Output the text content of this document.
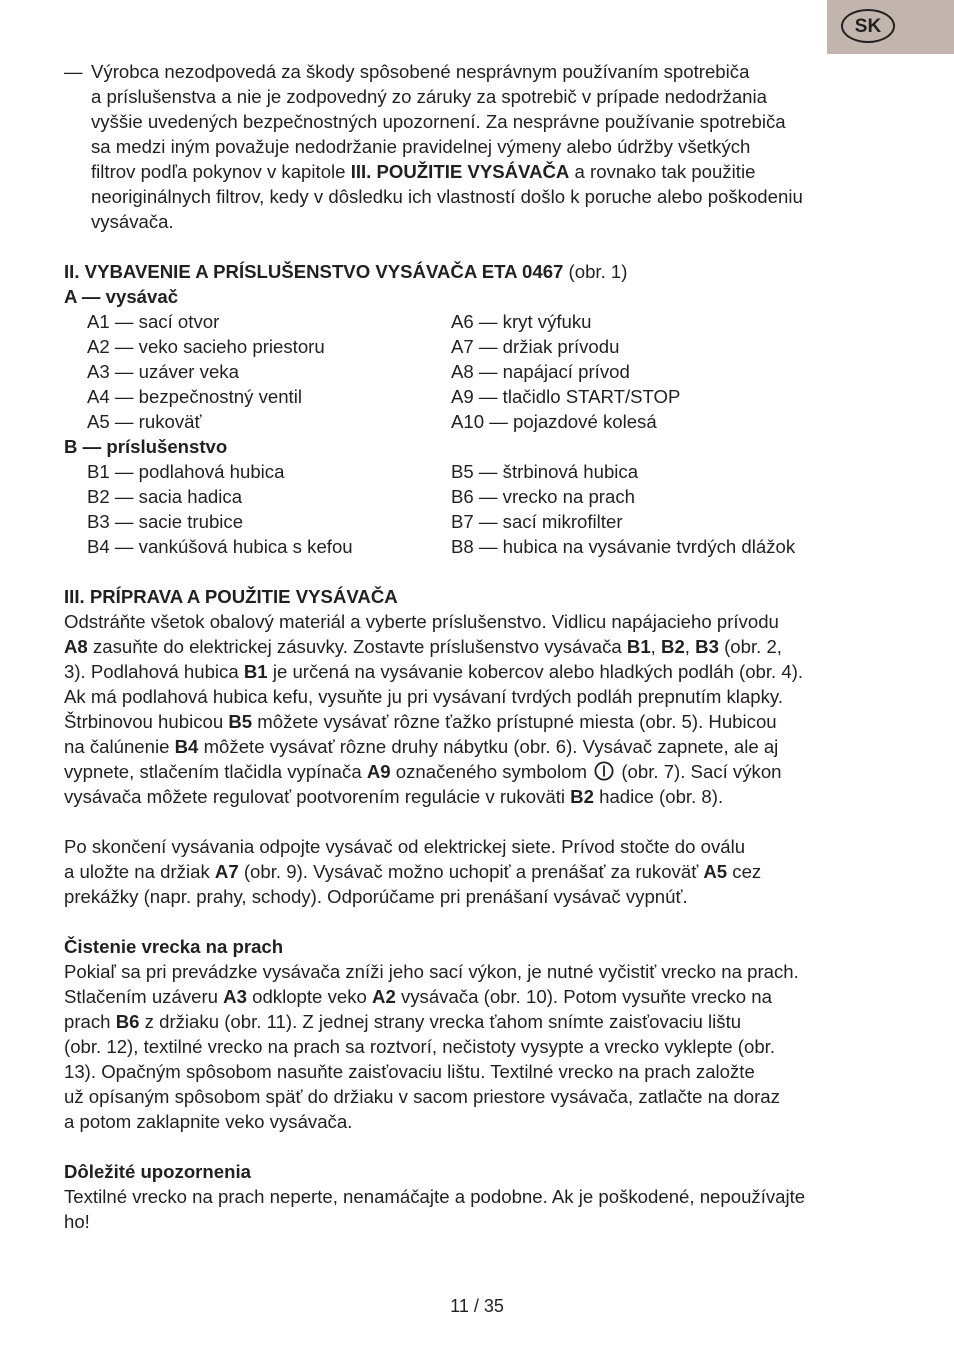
SK
— Výrobca nezodpovedá za škody spôsobené nesprávnym používaním spotrebiča
a príslušenstva a nie je zodpovedný zo záruky za spotrebič v prípade nedodržania
vyššie uvedených bezpečnostných upozornení. Za nesprávne používanie spotrebiča
sa medzi iným považuje nedodržanie pravidelnej výmeny alebo údržby všetkých
filtrov podľa pokynov v kapitole III. POUŽITIE VYSÁVAČA a rovnako tak použitie
neoriginálnych filtrov, kedy v dôsledku ich vlastností došlo k poruche alebo poškodeniu
vysávača.
II. VYBAVENIE A PRÍSLUŠENSTVO VYSÁVAČA ETA 0467 (obr. 1)
A — vysávač
A1 — sací otvor	A6 — kryt výfuku
A2 — veko sacieho priestoru	A7 — držiak prívodu
A3 — uzáver veka	A8 — napájací prívod
A4 — bezpečnostný ventil	A9 — tlačidlo START/STOP
A5 — rukoväť	A10 — pojazdové kolesá
B — príslušenstvo
B1 — podlahová hubica	B5 — štrbinová hubica
B2 — sacia hadica	B6 — vrecko na prach
B3 — sacie trubice	B7 — sací mikrofilter
B4 — vankúšová hubica s kefou	B8 — hubica na vysávanie tvrdých dlážok
III. PRÍPRAVA A POUŽITIE VYSÁVAČA
Odstráňte všetok obalový materiál a vyberte príslušenstvo. Vidlicu napájacieho prívodu
A8 zasuňte do elektrickej zásuvky. Zostavte príslušenstvo vysávača B1, B2, B3 (obr. 2,
3). Podlahová hubica B1 je určená na vysávanie kobercov alebo hladkých podláh (obr. 4).
Ak má podlahová hubica kefu, vysuňte ju pri vysávaní tvrdých podláh prepnutím klapky.
Štrbinovou hubicou B5 môžete vysávať rôzne ťažko prístupné miesta (obr. 5). Hubicou
na čalúnenie B4 môžete vysávať rôzne druhy nábytku (obr. 6). Vysávač zapnete, ale aj
vypnete, stlačením tlačidla vypínača A9 označeného symbolom  (obr. 7). Sací výkon
vysávača môžete regulovať pootvorením regulácie v rukoväti B2 hadice (obr. 8).
Po skončení vysávania odpojte vysávač od elektrickej siete. Prívod stočte do oválu
a uložte na držiak A7 (obr. 9). Vysávač možno uchopiť a prenášať za rukoväť A5 cez
prekážky (napr. prahy, schody). Odporúčame pri prenášaní vysávač vypnúť.
Čistenie vrecka na prach
Pokiaľ sa pri prevádzke vysávača zníži jeho sací výkon, je nutné vyčistiť vrecko na prach.
Stlačením uzáveru A3 odklopte veko A2 vysávača (obr. 10). Potom vysuňte vrecko na
prach B6 z držiaku (obr. 11). Z jednej strany vrecka ťahom snímte zaisťovaciu lištu
(obr. 12), textilné vrecko na prach sa roztvorí, nečistoty vysypte a vrecko vyklepte (obr.
13). Opačným spôsobom nasuňte zaisťovaciu lištu. Textilné vrecko na prach založte
už opísaným spôsobom späť do držiaku v sacom priestore vysávača, zatlačte na doraz
a potom zaklapnite veko vysávača.
Dôležité upozornenia
Textilné vrecko na prach neperte, nenamáčajte a podobne. Ak je poškodené, nepoužívajte
ho!
11 / 35
